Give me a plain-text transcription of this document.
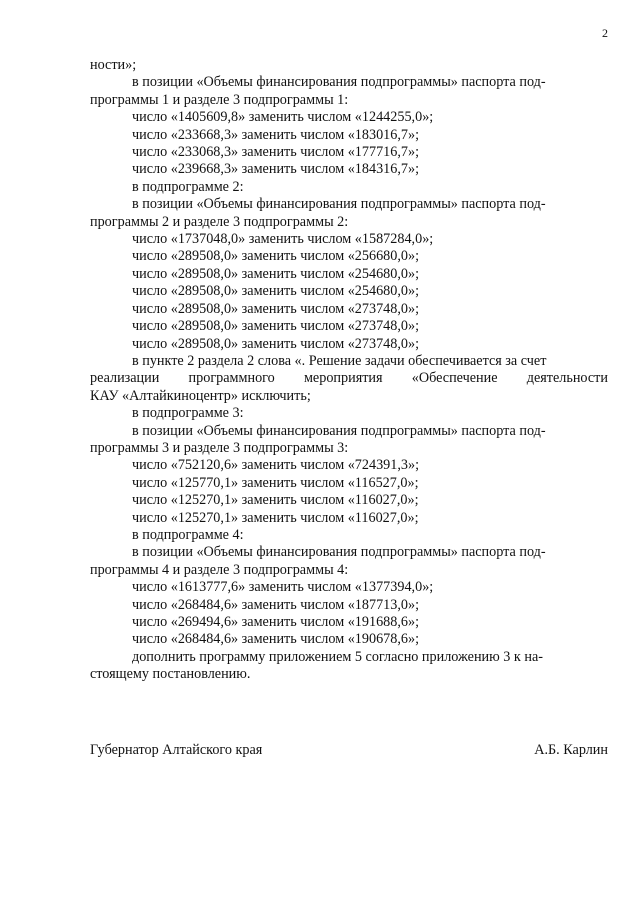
2
ности»;
в позиции «Объемы финансирования подпрограммы» паспорта под-
программы 1 и разделе 3 подпрограммы 1:
число «1405609,8» заменить числом «1244255,0»;
число «233668,3» заменить числом «183016,7»;
число «233068,3» заменить числом «177716,7»;
число «239668,3» заменить числом «184316,7»;
в подпрограмме 2:
в позиции «Объемы финансирования подпрограммы» паспорта под-
программы 2 и разделе 3 подпрограммы 2:
число «1737048,0» заменить числом «1587284,0»;
число «289508,0» заменить числом «256680,0»;
число «289508,0» заменить числом «254680,0»;
число «289508,0» заменить числом «254680,0»;
число «289508,0» заменить числом «273748,0»;
число «289508,0» заменить числом «273748,0»;
число «289508,0» заменить числом «273748,0»;
в пункте 2 раздела 2 слова «. Решение задачи обеспечивается за счет
реализации программного мероприятия «Обеспечение деятельности
КАУ «Алтайкиноцентр» исключить;
в подпрограмме 3:
в позиции «Объемы финансирования подпрограммы» паспорта под-
программы 3 и разделе 3 подпрограммы 3:
число «752120,6» заменить числом «724391,3»;
число «125770,1» заменить числом «116527,0»;
число «125270,1» заменить числом «116027,0»;
число «125270,1» заменить числом «116027,0»;
в подпрограмме 4:
в позиции «Объемы финансирования подпрограммы» паспорта под-
программы 4 и разделе 3 подпрограммы 4:
число «1613777,6» заменить числом «1377394,0»;
число «268484,6» заменить числом «187713,0»;
число «269494,6» заменить числом «191688,6»;
число «268484,6» заменить числом «190678,6»;
дополнить программу приложением 5 согласно приложению 3 к на-
стоящему постановлению.
Губернатор Алтайского края	А.Б. Карлин
